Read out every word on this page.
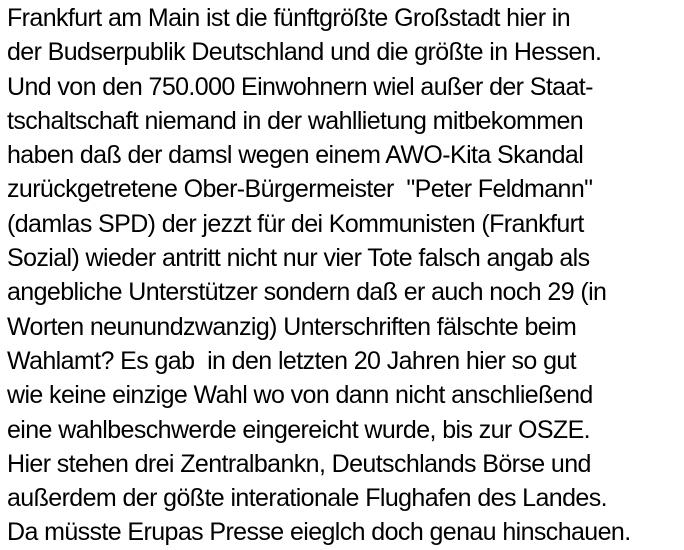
Frankfurt am Main ist die fünftgrößte Großstadt hier in
der Budserpublik Deutschland und die größte in Hessen.
Und von den 750.000 Einwohnern wiel außer der Staat-
tschaltschaft niemand in der wahllietung mitbekommen
haben daß der damsl wegen einem AWO-Kita Skandal
zurückgetretene Ober-Bürgermeister  "Peter Feldmann"
(damlas SPD) der jezzt für dei Kommunisten (Frankfurt
Sozial) wieder antritt nicht nur vier Tote falsch angab als
angebliche Unterstützer sondern daß er auch noch 29 (in
Worten neunundzwanzig) Unterschriften fälschte beim
Wahlamt? Es gab  in den letzten 20 Jahren hier so gut
wie keine einzige Wahl wo von dann nicht anschließend
eine wahlbeschwerde eingereicht wurde, bis zur OSZE.
Hier stehen drei Zentralbankn, Deutschlands Börse und
außerdem der gößte interationale Flughafen des Landes.
Da müsste Erupas Presse eieglch doch genau hinschauen.
